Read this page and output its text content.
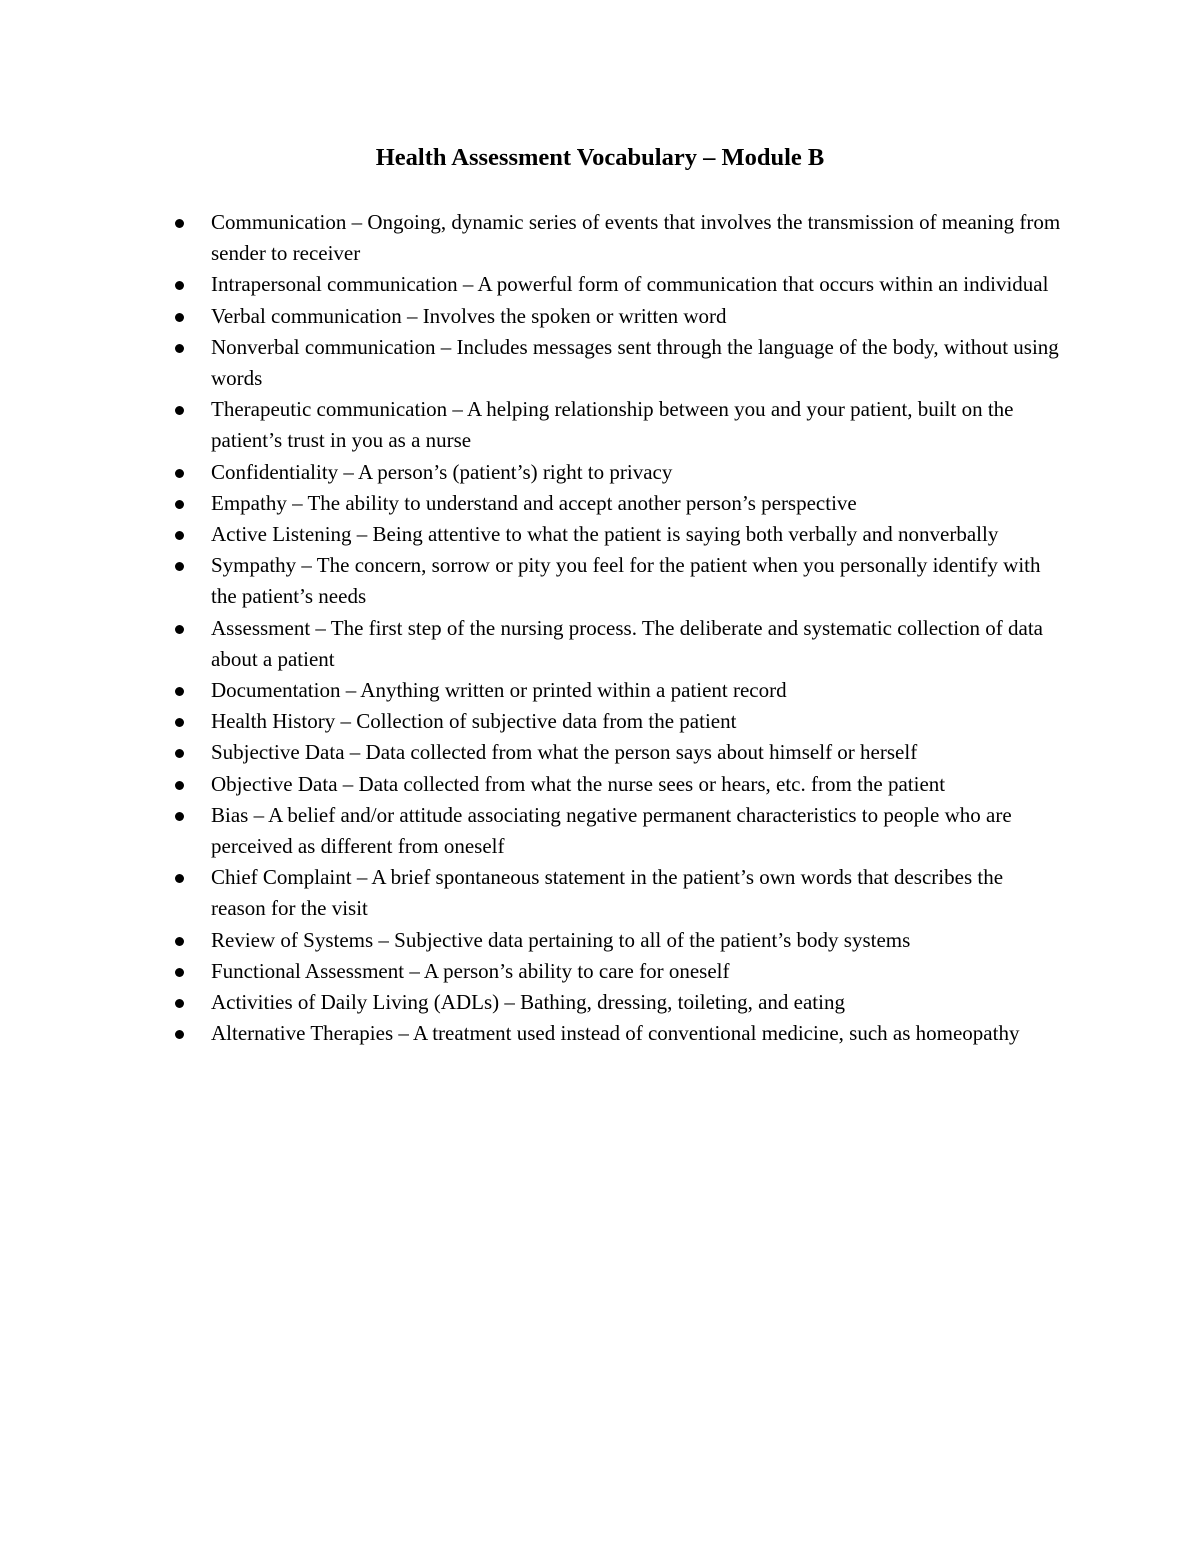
Health Assessment Vocabulary – Module B
Communication – Ongoing, dynamic series of events that involves the transmission of meaning from sender to receiver
Intrapersonal communication – A powerful form of communication that occurs within an individual
Verbal communication – Involves the spoken or written word
Nonverbal communication – Includes messages sent through the language of the body, without using words
Therapeutic communication – A helping relationship between you and your patient, built on the patient’s trust in you as a nurse
Confidentiality – A person’s (patient’s) right to privacy
Empathy – The ability to understand and accept another person’s perspective
Active Listening – Being attentive to what the patient is saying both verbally and nonverbally
Sympathy – The concern, sorrow or pity you feel for the patient when you personally identify with the patient’s needs
Assessment – The first step of the nursing process. The deliberate and systematic collection of data about a patient
Documentation – Anything written or printed within a patient record
Health History – Collection of subjective data from the patient
Subjective Data – Data collected from what the person says about himself or herself
Objective Data – Data collected from what the nurse sees or hears, etc. from the patient
Bias – A belief and/or attitude associating negative permanent characteristics to people who are perceived as different from oneself
Chief Complaint – A brief spontaneous statement in the patient’s own words that describes the reason for the visit
Review of Systems – Subjective data pertaining to all of the patient’s body systems
Functional Assessment – A person’s ability to care for oneself
Activities of Daily Living (ADLs) – Bathing, dressing, toileting, and eating
Alternative Therapies – A treatment used instead of conventional medicine, such as homeopathy
